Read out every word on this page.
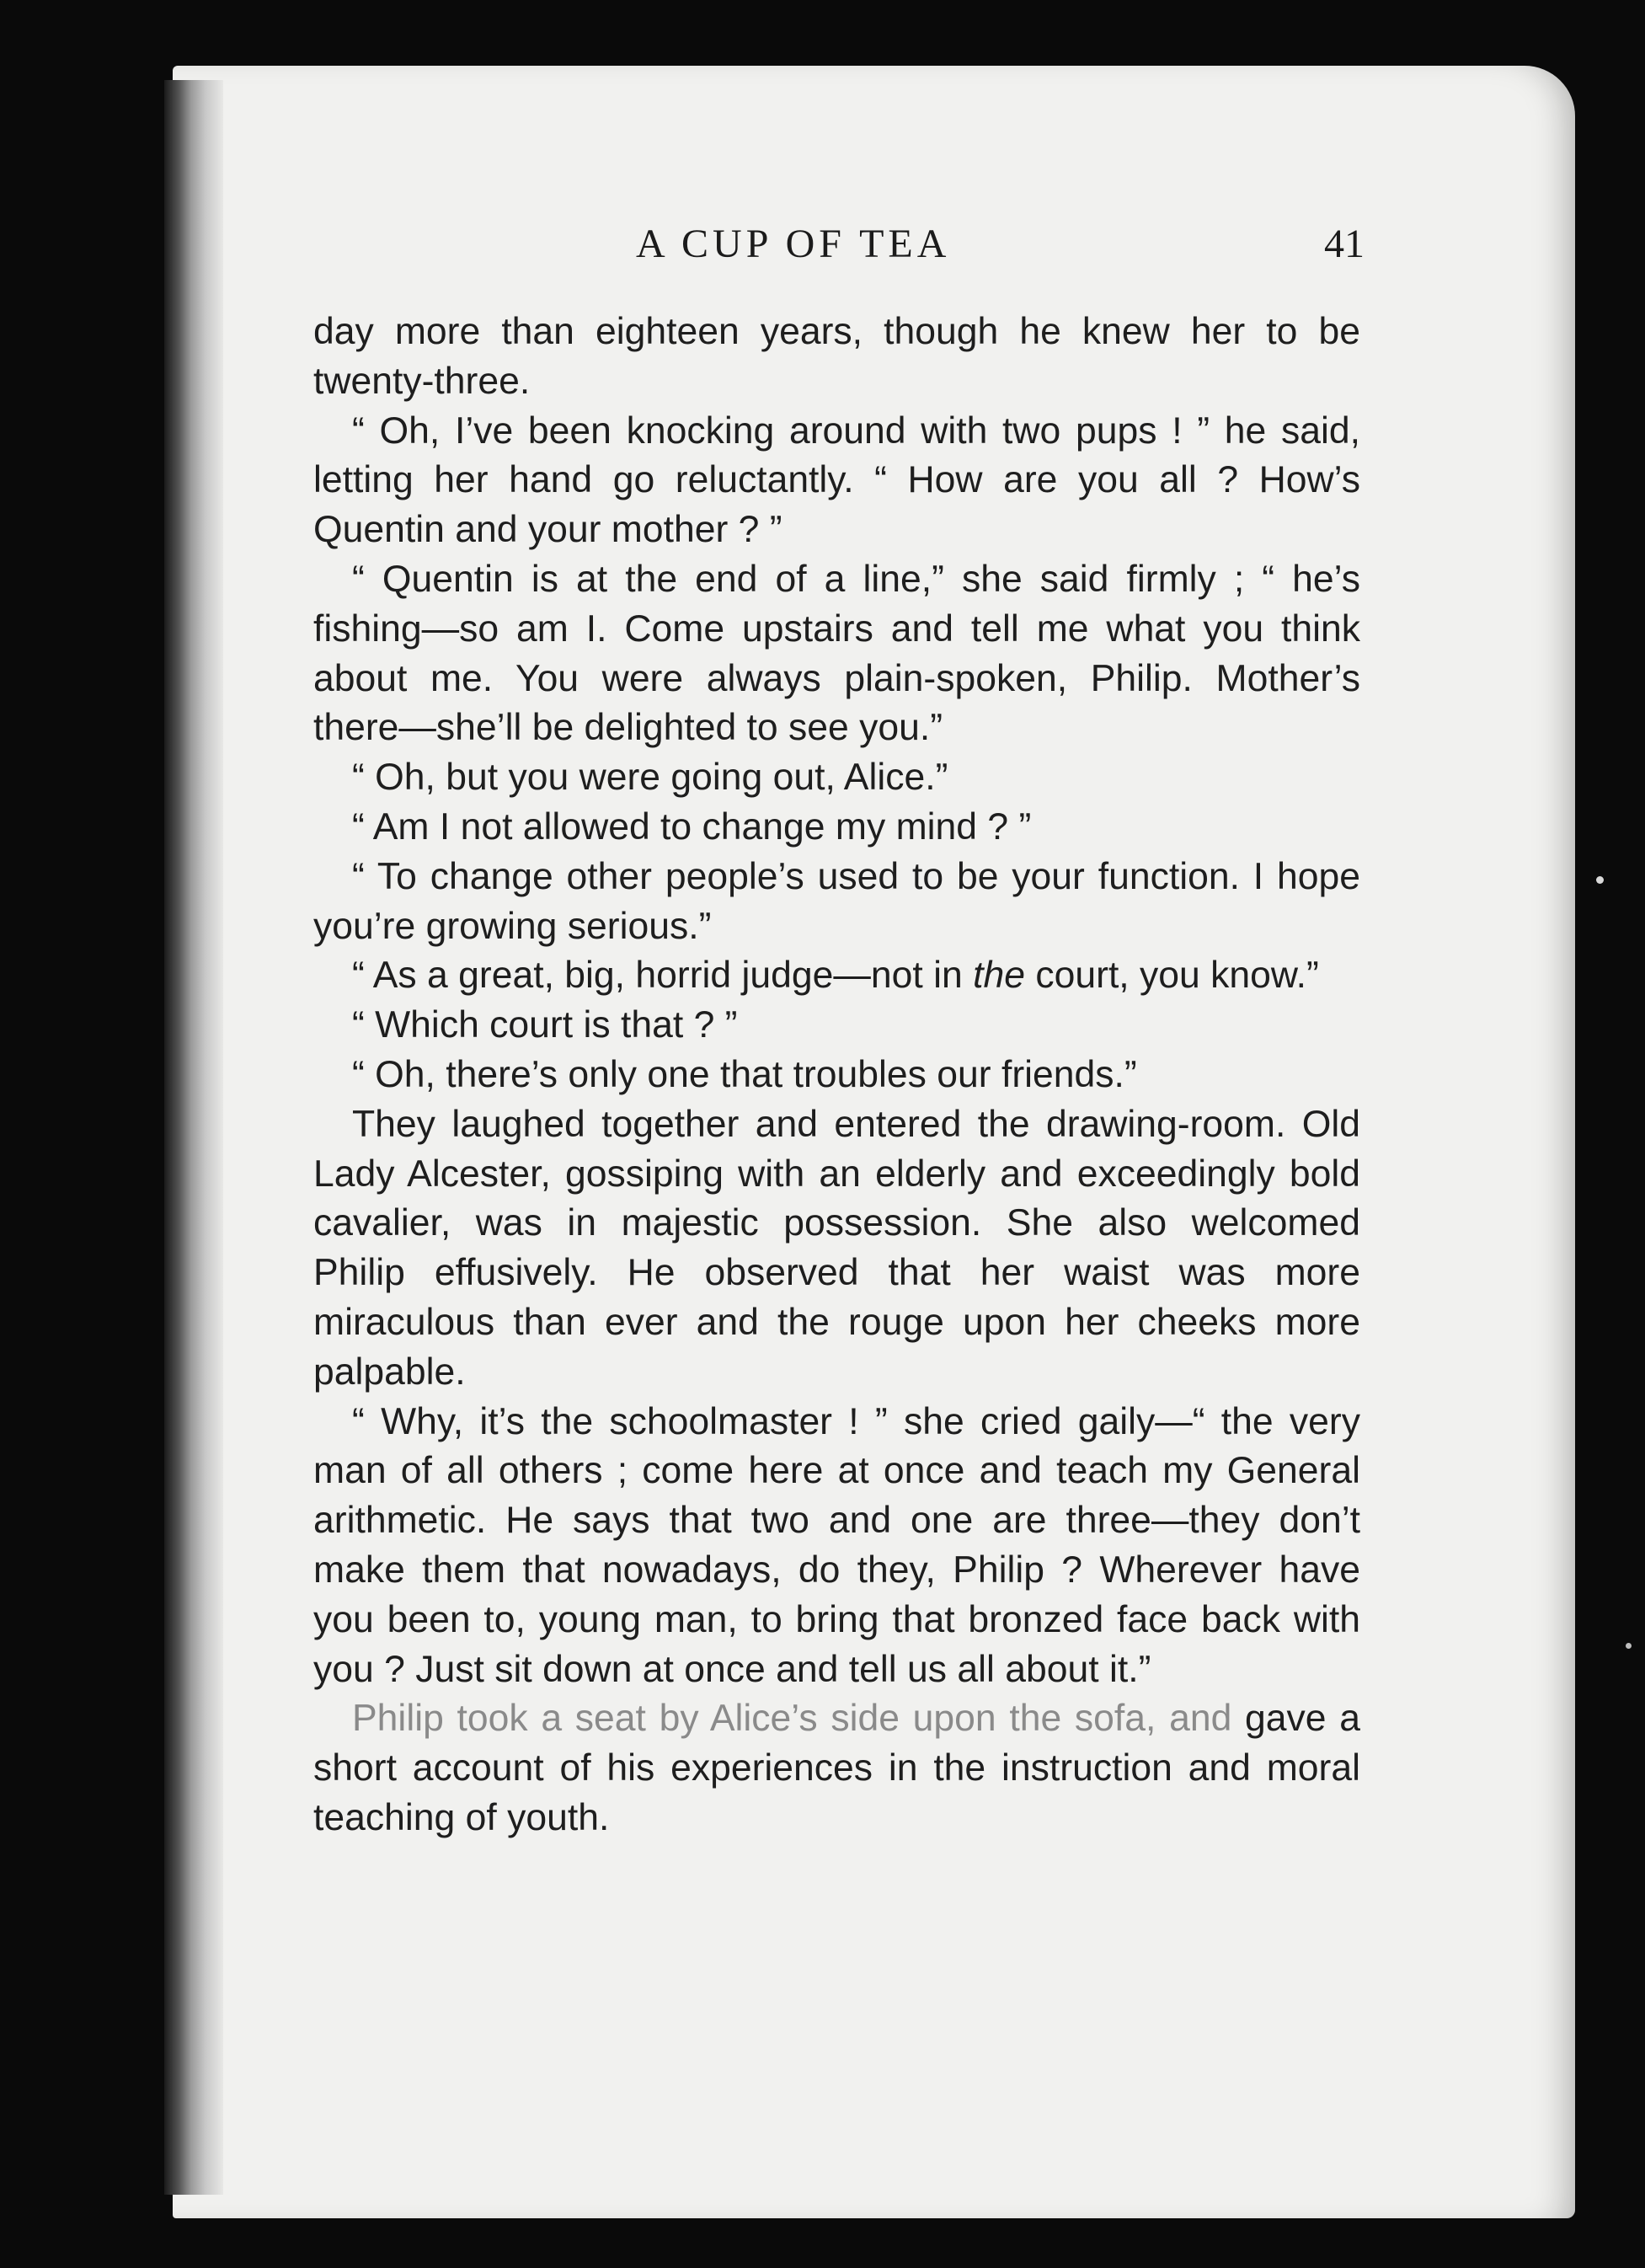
A CUP OF TEA	41

day more than eighteen years, though he knew her to be twenty-three.

“ Oh, I’ve been knocking around with two pups ! ” he said, letting her hand go reluctantly. “ How are you all ? How’s Quentin and your mother ? ”

“ Quentin is at the end of a line,” she said firmly ; “ he’s fishing—so am I. Come upstairs and tell me what you think about me. You were always plain-spoken, Philip. Mother’s there—she’ll be delighted to see you.”

“ Oh, but you were going out, Alice.”

“ Am I not allowed to change my mind ? ”

“ To change other people’s used to be your function. I hope you’re growing serious.”

“ As a great, big, horrid judge—not in the court, you know.”

“ Which court is that ? ”

“ Oh, there’s only one that troubles our friends.”

They laughed together and entered the drawing-room. Old Lady Alcester, gossiping with an elderly and exceedingly bold cavalier, was in majestic possession. She also welcomed Philip effusively. He observed that her waist was more miraculous than ever and the rouge upon her cheeks more palpable.

“ Why, it’s the schoolmaster ! ” she cried gaily—“ the very man of all others ; come here at once and teach my General arithmetic. He says that two and one are three—they don’t make them that nowadays, do they, Philip ? Wherever have you been to, young man, to bring that bronzed face back with you ? Just sit down at once and tell us all about it.”

Philip took a seat by Alice’s side upon the sofa, and gave a short account of his experiences in the instruction and moral teaching of youth.
